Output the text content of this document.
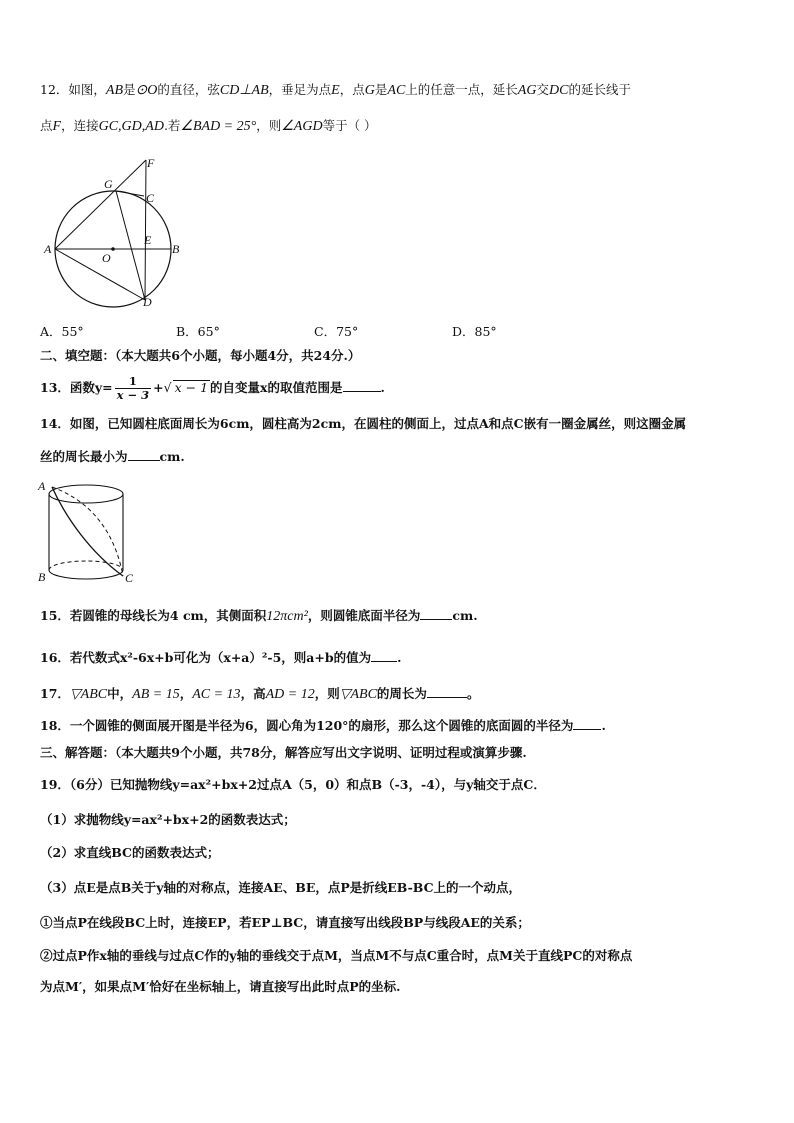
12．如图，AB是⊙O的直径，弦CD⊥AB，垂足为点E，点G是AC上的任意一点，延长AG交DC的延长线于
点F，连接GC,GD,AD.若∠BAD = 25°，则∠AGD等于（ ）
F
G
C
A
E
B
O
D
A．55°	B．65°	C．75°	D．85°
二、填空题：（本大题共6个小题，每小题4分，共24分.）
13．函数$y= \frac{1}{x - 3}$ +√ x − 1 的自变量x的取值范围是	.
14．如图，已知圆柱底面周长为6cm，圆柱高为2cm，在圆柱的侧面上，过点A和点C嵌有一圈金属丝，则这圈金属
丝的周长最小为	cm.
A
B	C
15．若圆锥的母线长为4 cm，其侧面积12πcm²，则圆锥底面半径为	cm.
16．若代数式x²-6x+b可化为（x+a）²-5，则a+b的值为 .
17．▽ABC中，AB = 15，AC = 13，高AD = 12，则▽ABC的周长为	。
18．一个圆锥的侧面展开图是半径为6，圆心角为120°的扇形，那么这个圆锥的底面圆的半径为 .
三、解答题：（本大题共9个小题，共78分，解答应写出文字说明、证明过程或演算步骤.
19．（6分）已知抛物线y=ax²+bx+2过点A（5，0）和点B（-3，-4），与y轴交于点C．
（1）求抛物线y=ax²+bx+2的函数表达式；
（2）求直线BC的函数表达式；
（3）点E是点B关于y轴的对称点，连接AE、BE，点P是折线EB-BC上的一个动点，
①当点P在线段BC上时，连接EP，若EP⊥BC，请直接写出线段BP与线段AE的关系；
②过点P作x轴的垂线与过点C作的y轴的垂线交于点M，当点M不与点C重合时，点M关于直线PC的对称点
为点M′，如果点M′恰好在坐标轴上，请直接写出此时点P的坐标.
